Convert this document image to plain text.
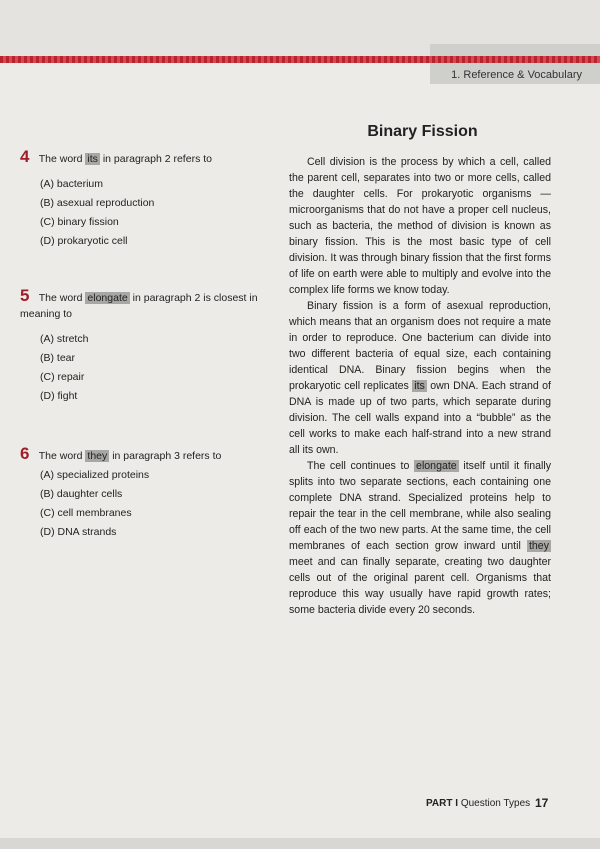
1. Reference & Vocabulary
Binary Fission
4 The word its in paragraph 2 refers to
(A) bacterium
(B) asexual reproduction
(C) binary fission
(D) prokaryotic cell
5 The word elongate in paragraph 2 is closest in meaning to
(A) stretch
(B) tear
(C) repair
(D) fight
6 The word they in paragraph 3 refers to
(A) specialized proteins
(B) daughter cells
(C) cell membranes
(D) DNA strands

Cell division is the process by which a cell, called the parent cell, separates into two or more cells, called the daughter cells. For prokaryotic organisms — microorganisms that do not have a proper cell nucleus, such as bacteria, the method of division is known as binary fission. This is the most basic type of cell division. It was through binary fission that the first forms of life on earth were able to multiply and evolve into the complex life forms we know today.

Binary fission is a form of asexual reproduction, which means that an organism does not require a mate in order to reproduce. One bacterium can divide into two different bacteria of equal size, each containing identical DNA. Binary fission begins when the prokaryotic cell replicates its own DNA. Each strand of DNA is made up of two parts, which separate during division. The cell walls expand into a “bubble” as the cell works to make each half-strand into a new strand all its own.

The cell continues to elongate itself until it finally splits into two separate sections, each containing one complete DNA strand. Specialized proteins help to repair the tear in the cell membrane, while also sealing off each of the two new parts. At the same time, the cell membranes of each section grow inward until they meet and can finally separate, creating two daughter cells out of the original parent cell. Organisms that reproduce this way usually have rapid growth rates; some bacteria divide every 20 seconds.

PART I Question Types 17
